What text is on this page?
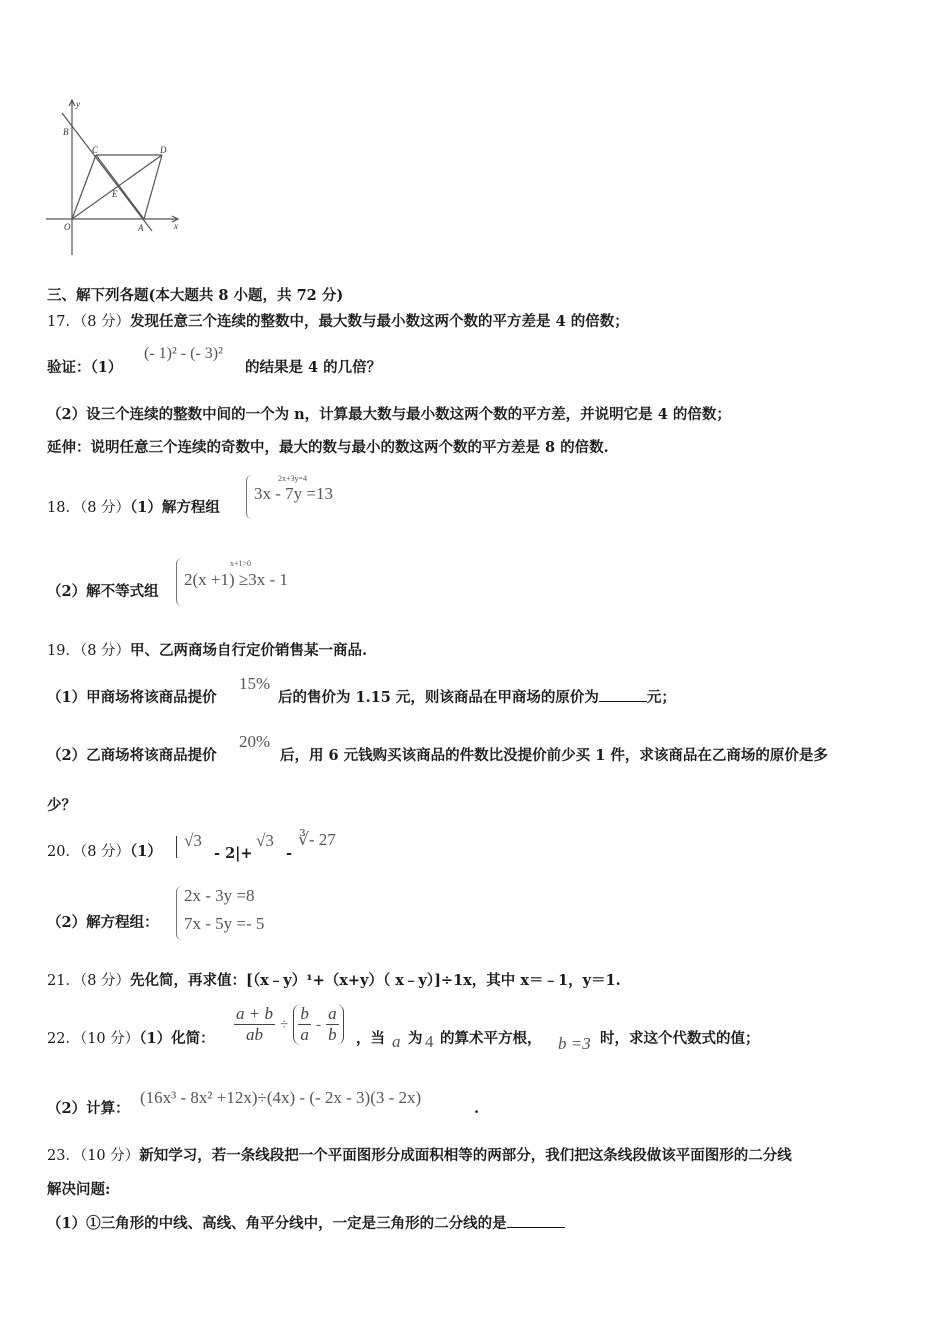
y
x
O	A
B
C	D
E
三、解下列各题(本大题共 8 小题，共 72 分)
17．（8 分）发现任意三个连续的整数中，最大数与最小数这两个数的平方差是 4 的倍数；
验证：（1）
(- 1)² - (- 3)²
的结果是 4 的几倍？
（2）设三个连续的整数中间的一个为 n，计算最大数与最小数这两个数的平方差，并说明它是 4 的倍数；
延伸：说明任意三个连续的奇数中，最大的数与最小的数这两个数的平方差是 8 的倍数.
18．（8 分）（1）解方程组
2x+3y=4
3x - 7y =13
（2）解不等式组
x+1>0
2(x +1) ≥3x - 1
19．（8 分）甲、乙两商场自行定价销售某一商品.
（1）甲商场将该商品提价
15%
后的售价为 1.15 元，则该商品在甲商场的原价为	元；
（2）乙商场将该商品提价
20%
后，用 6 元钱购买该商品的件数比没提价前少买 1 件，求该商品在乙商场的原价是多
少？
20．（8 分）（1）
√3
- 2|+
√3
-
∛- 27
（2）解方程组：
2x - 3y =8
7x - 5y =- 5
21．（8 分）先化简，再求值：[（x﹣y）¹+（x+y）（ x﹣y）]÷1x，其中 x＝﹣1，y＝1.
22．（10 分）（1）化简： $\frac{a + b}{ab} \div \frac{b}{a} - \frac{a}{b}$ ，当 a 为 4 的算术平方根， b =3 时，求这个代数式的值；
（2）计算：
(16x³ - 8x² +12x)÷(4x) - (- 2x - 3)(3 - 2x)
.
23．（10 分）新知学习，若一条线段把一个平面图形分成面积相等的两部分，我们把这条线段做该平面图形的二分线
解决问题:
（1）①三角形的中线、高线、角平分线中，一定是三角形的二分线的是
